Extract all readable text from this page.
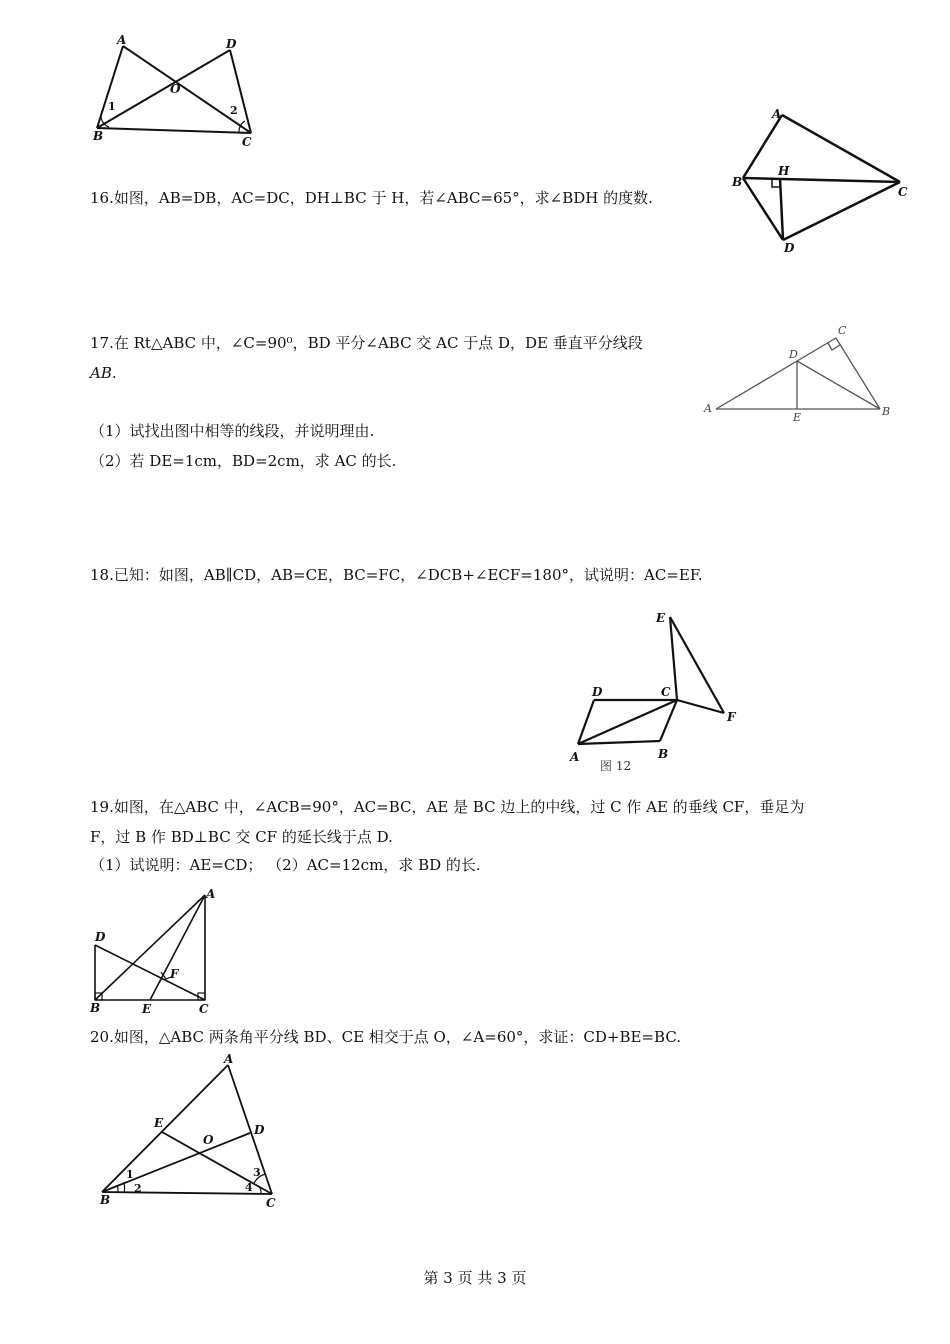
A	D
O
B	C
1	2
16.如图，AB=DB，AC=DC，DH⊥BC 于 H，若∠ABC=65°，求∠BDH 的度数.
A
B
H
C
D
17.在 Rt△ABC 中，∠C=90⁰，BD 平分∠ABC 交 AC 于点 D，DE 垂直平分线段
AB.
（1）试找出图中相等的线段，并说明理由.
（2）若 DE=1cm，BD=2cm，求 AC 的长.
C
D
A
E	B
18.已知：如图，AB∥CD，AB=CE，BC=FC，∠DCB+∠ECF=180°，试说明：AC=EF.
E
D	C
F
A	B
图 12
19.如图，在△ABC 中，∠ACB=90°，AC=BC，AE 是 BC 边上的中线，过 C 作 AE 的垂线 CF，垂足为
F，过 B 作 BD⊥BC 交 CF 的延长线于点 D.
（1）试说明：AE=CD； （2）AC=12cm，求 BD 的长.
A
D
F
B	E	C
20.如图，△ABC 两条角平分线 BD、CE 相交于点 O，∠A=60°，求证：CD+BE=BC.
A
E
O
D
B	C
1
2
3
4
第 3 页 共 3 页
